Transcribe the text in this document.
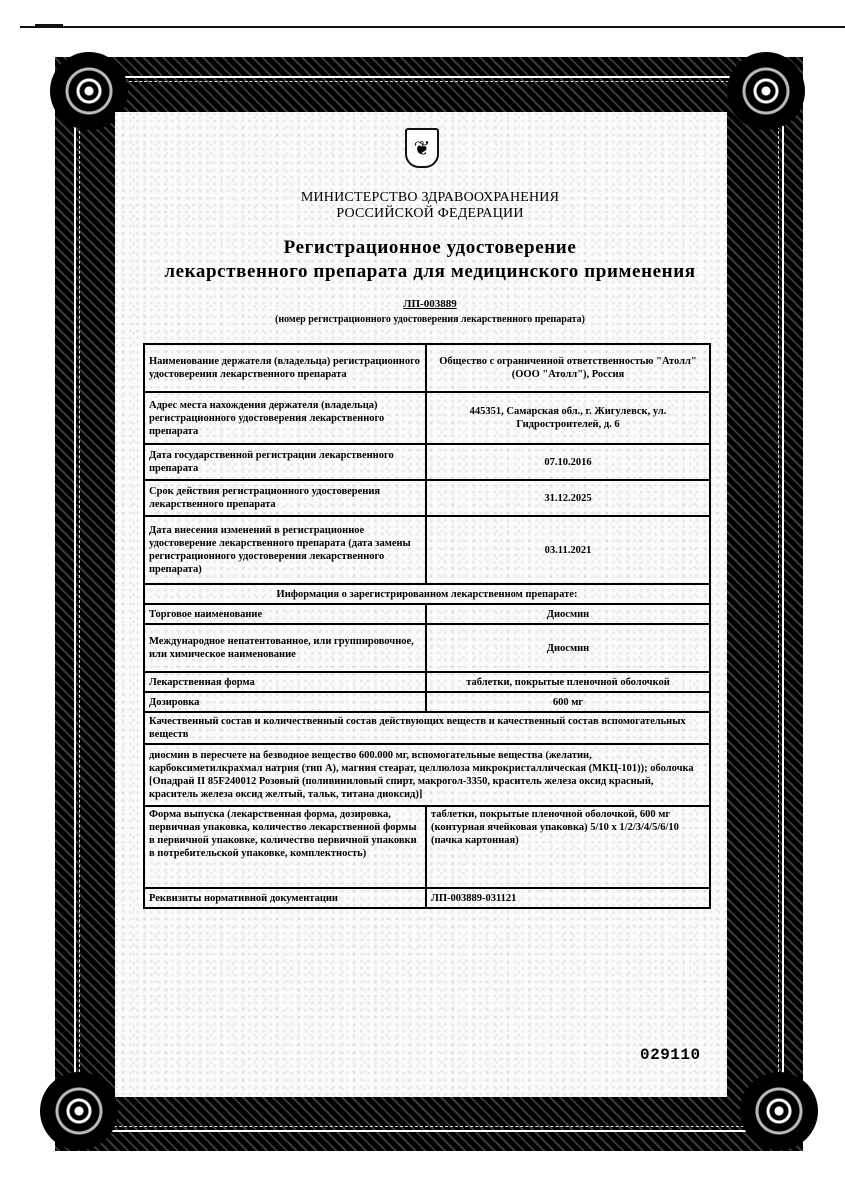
❦
МИНИСТЕРСТВО ЗДРАВООХРАНЕНИЯ
РОССИЙСКОЙ ФЕДЕРАЦИИ
Регистрационное удостоверение
лекарственного препарата для медицинского применения
ЛП-003889
(номер регистрационного удостоверения лекарственного препарата)
Наименование держателя (владельца) регистрационного удостоверения лекарственного препарата	Общество с ограниченной ответственностью "Атолл" (ООО "Атолл"), Россия
Адрес места нахождения держателя (владельца) регистрационного удостоверения лекарственного препарата	445351, Самарская обл., г. Жигулевск, ул. Гидростроителей, д. 6
Дата государственной регистрации лекарственного препарата	07.10.2016
Срок действия регистрационного удостоверения лекарственного препарата	31.12.2025
Дата внесения изменений в регистрационное удостоверение лекарственного препарата (дата замены регистрационного удостоверения лекарственного препарата)	03.11.2021
Информация о зарегистрированном лекарственном препарате:	
Торговое наименование	Диосмин
Международное непатентованное, или группировочное, или химическое наименование	Диосмин
Лекарственная форма	таблетки, покрытые пленочной оболочкой
Дозировка	600 мг
Качественный состав и количественный состав действующих веществ и качественный состав вспомогательных веществ	
диосмин в пересчете на безводное вещество 600.000 мг, вспомогательные вещества (желатин, карбоксиметилкрахмал натрия (тип А), магния стеарат, целлюлоза микрокристаллическая (МКЦ-101)); оболочка [Опадрай II 85F240012 Розовый (поливиниловый спирт, макрогол-3350, краситель железа оксид красный, краситель железа оксид желтый, тальк, титана диоксид)]	
Форма выпуска (лекарственная форма, дозировка, первичная упаковка, количество лекарственной формы в первичной упаковке, количество первичной упаковки в потребительской упаковке, комплектность)	таблетки, покрытые пленочной оболочкой, 600 мг (контурная ячейковая упаковка) 5/10 x 1/2/3/4/5/6/10 (пачка картонная)
Реквизиты нормативной документации	ЛП-003889-031121
029110
